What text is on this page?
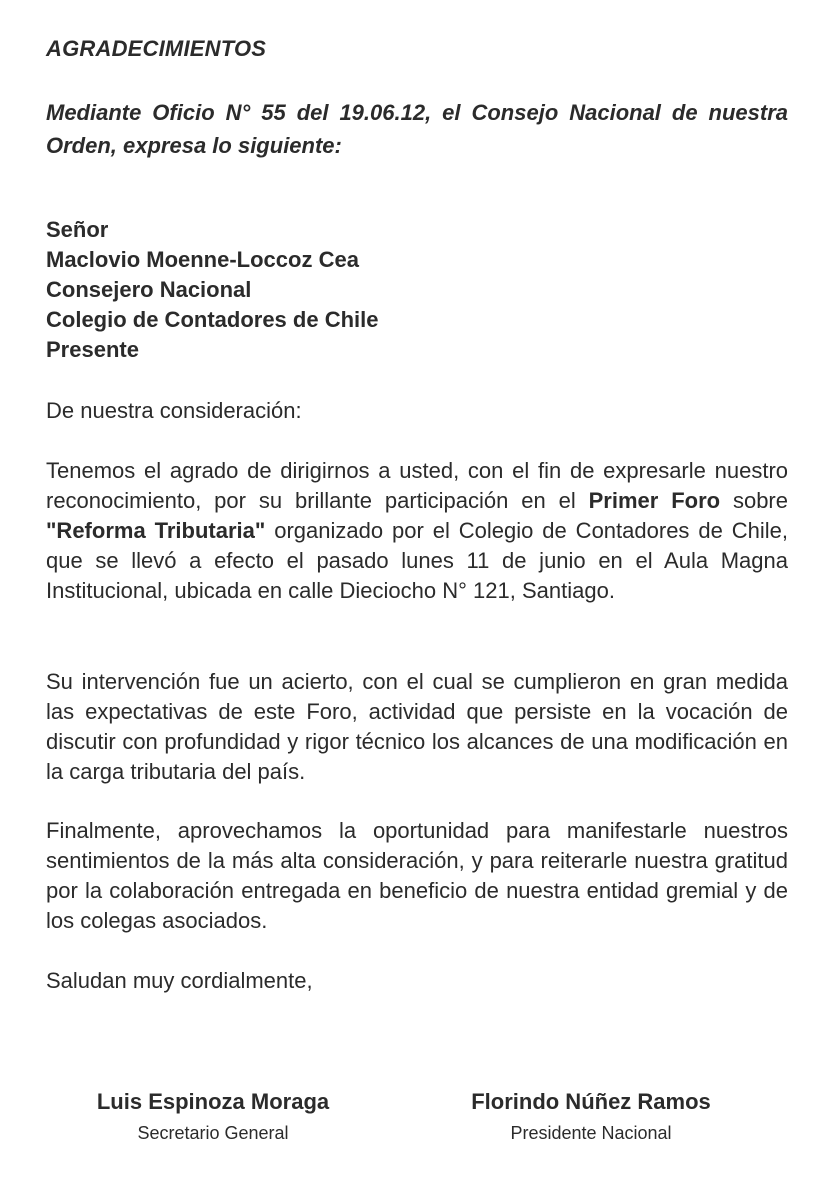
AGRADECIMIENTOS

Mediante Oficio N° 55 del 19.06.12, el Consejo Nacional de nuestra Orden, expresa lo siguiente:

Señor
Maclovio Moenne-Loccoz Cea
Consejero Nacional
Colegio de Contadores de Chile
Presente

De nuestra consideración:

Tenemos el agrado de dirigirnos a usted, con el fin de expresarle nuestro reconocimiento, por su brillante participación en el Primer Foro sobre "Reforma Tributaria" organizado por el Colegio de Contadores de Chile, que se llevó a efecto el pasado lunes 11 de junio en el Aula Magna Institucional, ubicada en calle Dieciocho N° 121, Santiago.

Su intervención fue un acierto, con el cual se cumplieron en gran medida las expectativas de este Foro, actividad que persiste en la vocación de discutir con profundidad y rigor técnico los alcances de una modificación en la carga tributaria del país.

Finalmente, aprovechamos la oportunidad para manifestarle nuestros sentimientos de la más alta consideración, y para reiterarle nuestra gratitud por la colaboración entregada en beneficio de nuestra entidad gremial y de los colegas asociados.

Saludan muy cordialmente,

Luis Espinoza Moraga
Secretario General
Florindo Núñez Ramos
Presidente Nacional
